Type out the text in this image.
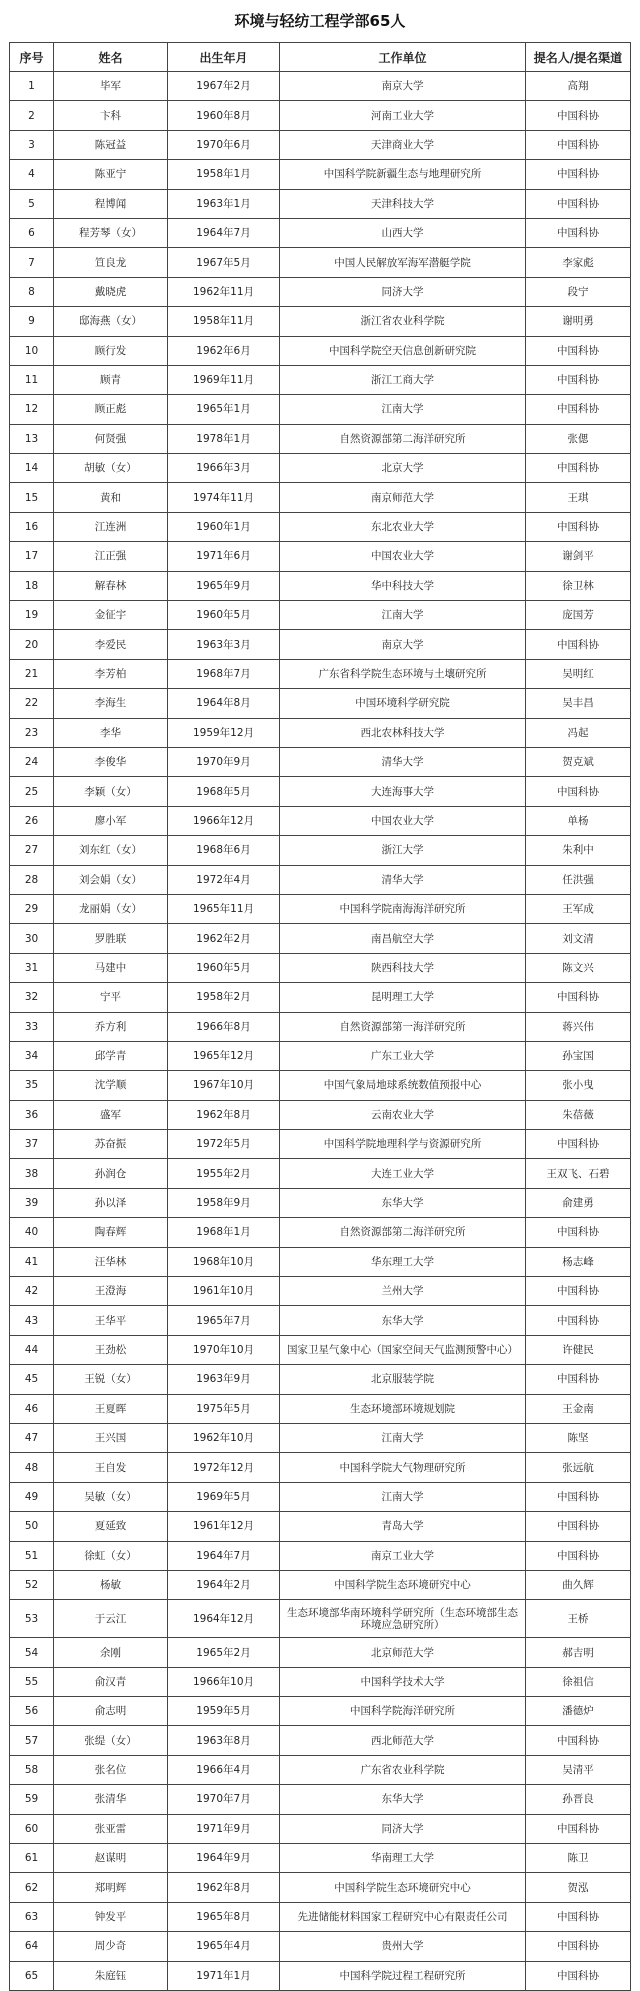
环境与轻纺工程学部65人
序号	姓名	出生年月	工作单位	提名人/提名渠道
1	毕军	1967年2月	南京大学	高翔
2	卞科	1960年8月	河南工业大学	中国科协
3	陈冠益	1970年6月	天津商业大学	中国科协
4	陈亚宁	1958年1月	中国科学院新疆生态与地理研究所	中国科协
5	程博闻	1963年1月	天津科技大学	中国科协
6	程芳琴（女）	1964年7月	山西大学	中国科协
7	笪良龙	1967年5月	中国人民解放军海军潜艇学院	李家彪
8	戴晓虎	1962年11月	同济大学	段宁
9	邸海燕（女）	1958年11月	浙江省农业科学院	谢明勇
10	顾行发	1962年6月	中国科学院空天信息创新研究院	中国科协
11	顾青	1969年11月	浙江工商大学	中国科协
12	顾正彪	1965年1月	江南大学	中国科协
13	何贤强	1978年1月	自然资源部第二海洋研究所	张偲
14	胡敏（女）	1966年3月	北京大学	中国科协
15	黄和	1974年11月	南京师范大学	王琪
16	江连洲	1960年1月	东北农业大学	中国科协
17	江正强	1971年6月	中国农业大学	谢剑平
18	解春林	1965年9月	华中科技大学	徐卫林
19	金征宇	1960年5月	江南大学	庞国芳
20	李爱民	1963年3月	南京大学	中国科协
21	李芳柏	1968年7月	广东省科学院生态环境与土壤研究所	吴明红
22	李海生	1964年8月	中国环境科学研究院	吴丰昌
23	李华	1959年12月	西北农林科技大学	冯起
24	李俊华	1970年9月	清华大学	贺克斌
25	李颖（女）	1968年5月	大连海事大学	中国科协
26	廖小军	1966年12月	中国农业大学	单杨
27	刘东红（女）	1968年6月	浙江大学	朱利中
28	刘会娟（女）	1972年4月	清华大学	任洪强
29	龙丽娟（女）	1965年11月	中国科学院南海海洋研究所	王军成
30	罗胜联	1962年2月	南昌航空大学	刘文清
31	马建中	1960年5月	陕西科技大学	陈文兴
32	宁平	1958年2月	昆明理工大学	中国科协
33	乔方利	1966年8月	自然资源部第一海洋研究所	蒋兴伟
34	邱学青	1965年12月	广东工业大学	孙宝国
35	沈学顺	1967年10月	中国气象局地球系统数值预报中心	张小曳
36	盛军	1962年8月	云南农业大学	朱蓓薇
37	苏奋振	1972年5月	中国科学院地理科学与资源研究所	中国科协
38	孙润仓	1955年2月	大连工业大学	王双飞、石碧
39	孙以泽	1958年9月	东华大学	俞建勇
40	陶春辉	1968年1月	自然资源部第二海洋研究所	中国科协
41	汪华林	1968年10月	华东理工大学	杨志峰
42	王澄海	1961年10月	兰州大学	中国科协
43	王华平	1965年7月	东华大学	中国科协
44	王劲松	1970年10月	国家卫星气象中心（国家空间天气监测预警中心）	许健民
45	王锐（女）	1963年9月	北京服装学院	中国科协
46	王夏晖	1975年5月	生态环境部环境规划院	王金南
47	王兴国	1962年10月	江南大学	陈坚
48	王自发	1972年12月	中国科学院大气物理研究所	张远航
49	吴敏（女）	1969年5月	江南大学	中国科协
50	夏延致	1961年12月	青岛大学	中国科协
51	徐虹（女）	1964年7月	南京工业大学	中国科协
52	杨敏	1964年2月	中国科学院生态环境研究中心	曲久辉
53	于云江	1964年12月	生态环境部华南环境科学研究所（生态环境部生态环境应急研究所）	王桥
54	余刚	1965年2月	北京师范大学	郝吉明
55	俞汉青	1966年10月	中国科学技术大学	徐祖信
56	俞志明	1959年5月	中国科学院海洋研究所	潘德炉
57	张缇（女）	1963年8月	西北师范大学	中国科协
58	张名位	1966年4月	广东省农业科学院	吴清平
59	张清华	1970年7月	东华大学	孙晋良
60	张亚雷	1971年9月	同济大学	中国科协
61	赵谋明	1964年9月	华南理工大学	陈卫
62	郑明辉	1962年8月	中国科学院生态环境研究中心	贺泓
63	钟发平	1965年8月	先进储能材料国家工程研究中心有限责任公司	中国科协
64	周少奇	1965年4月	贵州大学	中国科协
65	朱庭钰	1971年1月	中国科学院过程工程研究所	中国科协
